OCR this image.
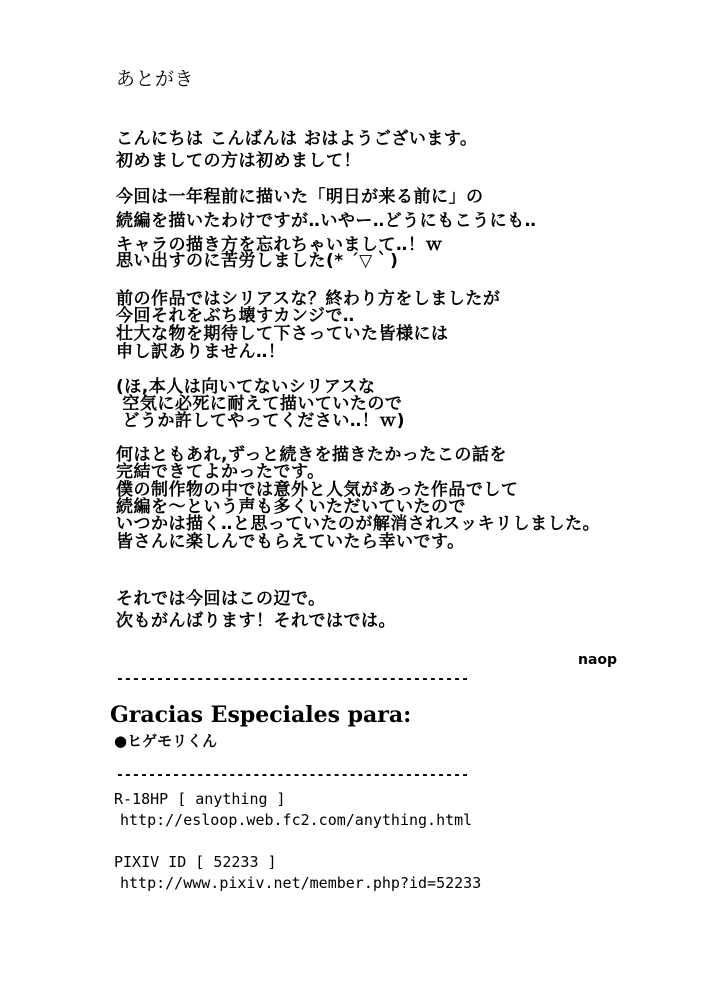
あとがき
こんにちは こんばんは おはようございます。
初めましての方は初めまして！
今回は一年程前に描いた「明日が来る前に」の
続編を描いたわけですが‥いやー‥どうにもこうにも‥
キャラの描き方を忘れちゃいまして‥！ｗ
思い出すのに苦労しました(* ´▽｀)
前の作品ではシリアスな？終わり方をしましたが
今回それをぶち壊すカンジで‥
壮大な物を期待して下さっていた皆様には
申し訳ありません‥！
(ほ,本人は向いてないシリアスな
空気に必死に耐えて描いていたので
どうか許してやってください‥！ｗ)
何はともあれ,ずっと続きを描きたかったこの話を
完結できてよかったです。
僕の制作物の中では意外と人気があった作品でして
続編を～という声も多くいただいていたので
いつかは描く‥と思っていたのが解消されスッキリしました。
皆さんに楽しんでもらえていたら幸いです。
それでは今回はこの辺で。
次もがんばります！それではでは。
naop
--------------------------------------------
Gracias Especiales para:
●ヒゲモリくん
--------------------------------------------
R-18HP [ anything ]
http://esloop.web.fc2.com/anything.html
PIXIV ID [ 52233 ]
http://www.pixiv.net/member.php?id=52233
